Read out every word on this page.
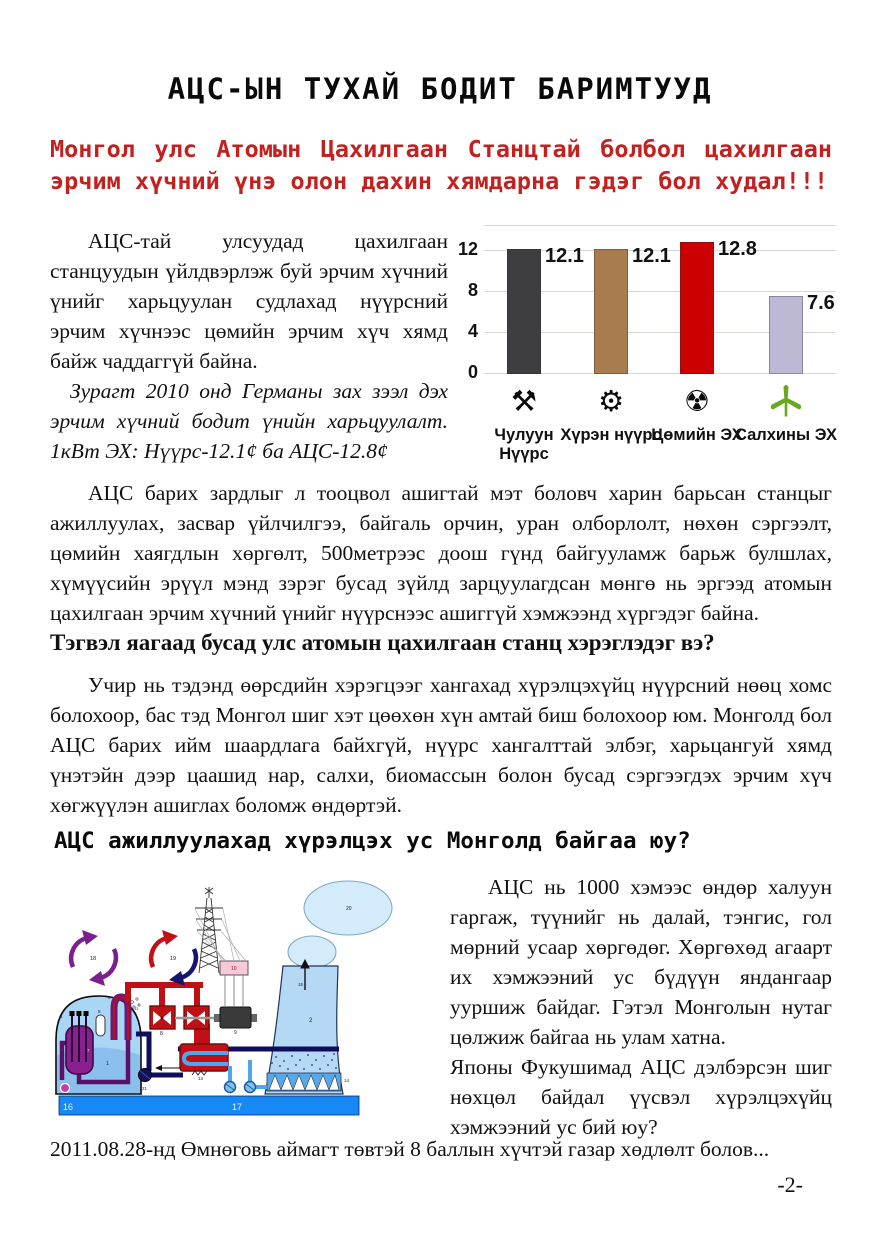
АЦС-ЫН ТУХАЙ БОДИТ БАРИМТУУД
Монгол улс Атомын Цахилгаан Станцтай болбол цахилгаан эрчим хүчний үнэ олон дахин хямдарна гэдэг бол худал!!!
АЦС-тай улсуудад цахилгаан станцуудын үйлдвэрлэж буй эрчим хүчний үнийг харьцуулан судлахад нүүрсний эрчим хүчнээс цөмийн эрчим хүч хямд байж чаддаггүй байна.
Зурагт 2010 онд Германы зах зээл дэх эрчим хүчний бодит үнийн харьцуулалт. 1кВт ЭХ: Нүүрс-12.1¢ ба АЦС-12.8¢
12
8
4
0
12.1 12.1 12.8
7.6
⚒	⚙	☢
Чулуун Нүүрс
Хүрэн нүүрс
Цөмийн ЭХ
Салхины ЭХ
АЦС барих зардлыг л тооцвол ашигтай мэт боловч харин барьсан станцыг ажиллуулах, засвар үйлчилгээ, байгаль орчин, уран олборлолт, нөхөн сэргээлт, цөмийн хаягдлын хөргөлт, 500метрээс доош гүнд байгууламж барьж булшлах, хүмүүсийн эрүүл мэнд зэрэг бусад зүйлд зарцуулагдсан мөнгө нь эргээд атомын цахилгаан эрчим хүчний үнийг нүүрснээс ашиггүй хэмжээнд хүргэдэг байна.
Тэгвэл яагаад бусад улс атомын цахилгаан станц хэрэглэдэг вэ?
Учир нь тэдэнд өөрсдийн хэрэгцээг хангахад хүрэлцэхүйц нүүрсний нөөц хомс болохоор, бас тэд Монгол шиг хэт цөөхөн хүн амтай биш болохоор юм. Монголд бол АЦС барих ийм шаардлага байхгүй, нүүрс хангалттай элбэг, харьцангуй хямд үнэтэйн дээр цаашид нар, салхи, биомассын болон бусад сэргээгдэх эрчим хүч хөгжүүлэн ашиглах боломж өндөртэй.
АЦС ажиллуулахад хүрэлцэх ус Монголд байгаа юу?
1
2
3
4
5
6
7
8	9
10
12
13	14
15
16	17
18	19
20
21
АЦС нь 1000 хэмээс өндөр халуун гаргаж, түүнийг нь далай, тэнгис, гол мөрний усаар хөргөдөг. Хөргөхөд агаарт их хэмжээний ус бүдүүн яндангаар ууршиж байдаг. Гэтэл Монголын нутаг цөлжиж байгаа нь улам хатна.
Японы Фукушимад АЦС дэлбэрсэн шиг нөхцөл байдал үүсвэл хүрэлцэхүйц хэмжээний ус бий юу?
2011.08.28-нд Өмнөговь аймагт төвтэй 8 баллын хүчтэй газар хөдлөлт болов...
-2-
